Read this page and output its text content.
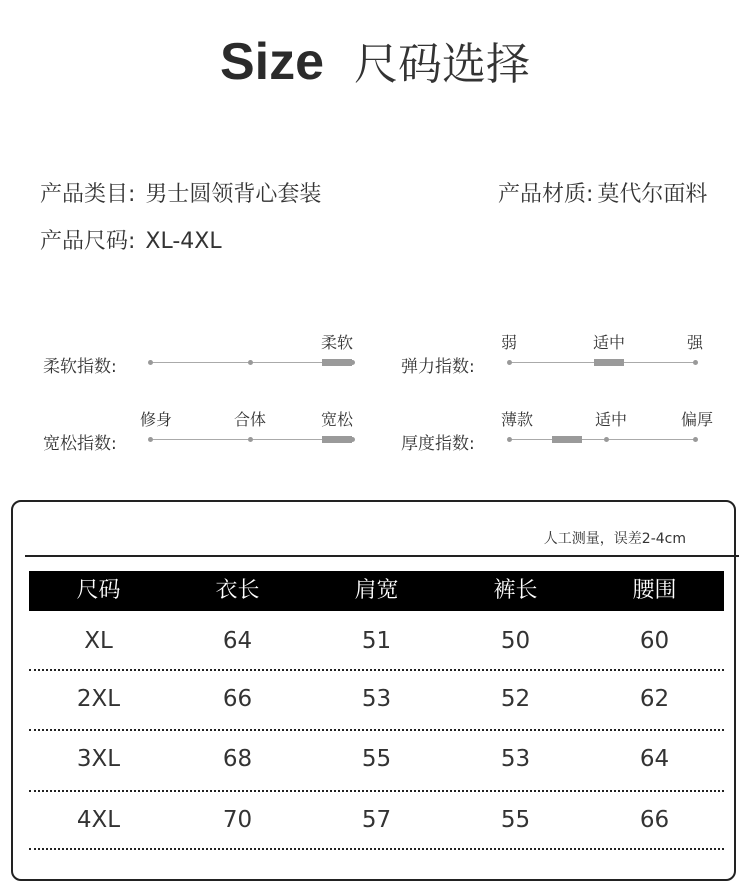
Size 尺码选择
产品类目: 男士圆领背心套装	产品材质: 莫代尔面料
产品尺码: XL-4XL
柔软指数:
柔软
弹力指数:
弱	适中	强
宽松指数:
修身	合体	宽松
厚度指数:
薄款	适中	偏厚
人工测量，误差2-4cm
尺码	衣长	肩宽	裤长	腰围
XL	64	51	50	60
2XL	66	53	52	62
3XL	68	55	53	64
4XL	70	57	55	66
